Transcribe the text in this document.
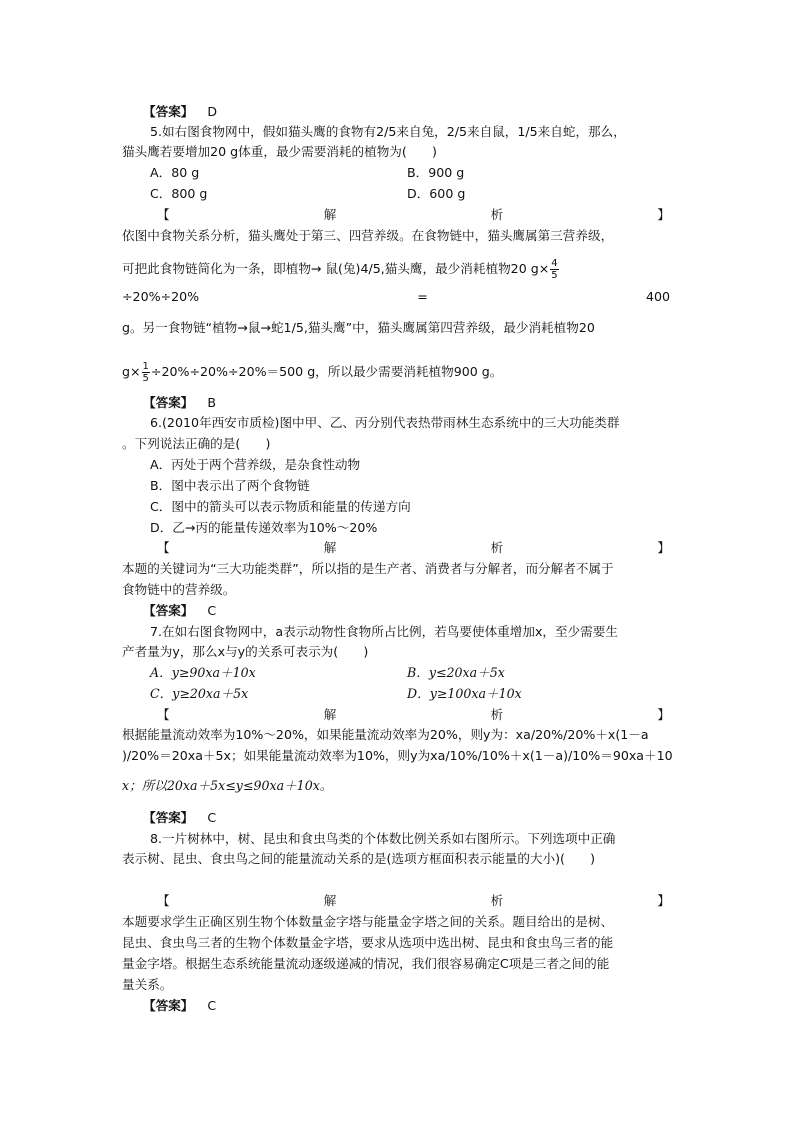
【答案】 D
5.如右图食物网中，假如猫头鹰的食物有2/5来自兔，2/5来自鼠，1/5来自蛇，那么，
猫头鹰若要增加20 g体重，最少需要消耗的植物为(　　)
A．80 g	B．900 g
C．800 g	D．600 g
【	解	析	】
依图中食物关系分析，猫头鹰处于第三、四营养级。在食物链中，猫头鹰属第三营养级，
可把此食物链简化为一条，即植物→ 鼠(兔)4/5,猫头鹰，最少消耗植物20 $g\times \frac{4}{5}$
÷20%÷20%	=	400
g。另一食物链“植物→鼠→蛇1/5,猫头鹰”中，猫头鹰属第四营养级，最少消耗植物20
$g\times \frac{1}{5} \div 20\%\div 20\%\div 20\%=500$ g，所以最少需要消耗植物900 g。
【答案】 B
6.(2010年西安市质检)图中甲、乙、丙分别代表热带雨林生态系统中的三大功能类群
。下列说法正确的是(　　)
A．丙处于两个营养级，是杂食性动物
B．图中表示出了两个食物链
C．图中的箭头可以表示物质和能量的传递方向
D．乙→丙的能量传递效率为10%～20%
【	解	析	】
本题的关键词为“三大功能类群”，所以指的是生产者、消费者与分解者，而分解者不属于
食物链中的营养级。
【答案】 C
7.在如右图食物网中，a表示动物性食物所占比例，若鸟要使体重增加x，至少需要生
产者量为y，那么x与y的关系可表示为(　　)
A．y≥90xa＋10x	B．y≤20xa＋5x
C．y≥20xa＋5x	D．y≥100xa＋10x
【	解	析	】
根据能量流动效率为10%～20%，如果能量流动效率为20%，则y为：xa/20%/20%＋x(1－a
)/20%＝20xa＋5x；如果能量流动效率为10%，则y为xa/10%/10%＋x(1－a)/10%＝90xa＋10
x；所以20xa＋5x≤y≤90xa＋10x。
【答案】 C
8.一片树林中，树、昆虫和食虫鸟类的个体数比例关系如右图所示。下列选项中正确
表示树、昆虫、食虫鸟之间的能量流动关系的是(选项方框面积表示能量的大小)(　　)
【	解	析	】
本题要求学生正确区别生物个体数量金字塔与能量金字塔之间的关系。题目给出的是树、
昆虫、食虫鸟三者的生物个体数量金字塔，要求从选项中选出树、昆虫和食虫鸟三者的能
量金字塔。根据生态系统能量流动逐级递减的情况，我们很容易确定C项是三者之间的能
量关系。
【答案】 C
